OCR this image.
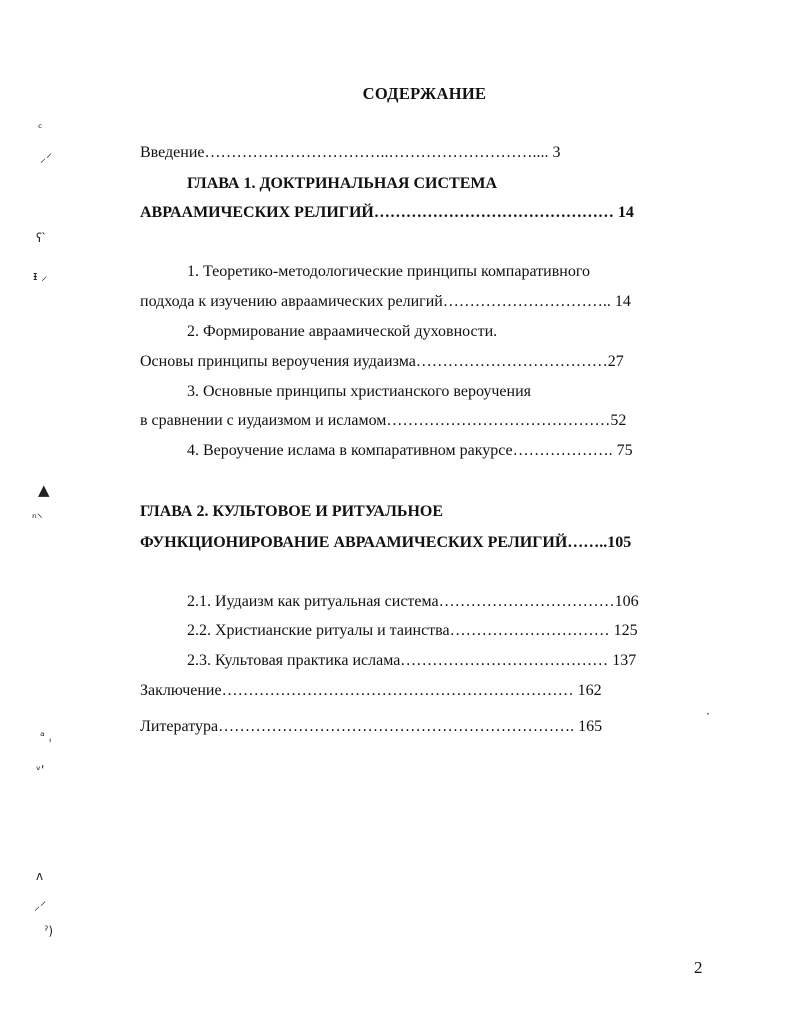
ᶜ
⸝⸍
ʕ՝
ᵻ ⸝
▲
ⁿ⸌
ᵃ ˌ
ᵛ'
ᴧ
⸝⸍
ˀ)
·
СОДЕРЖАНИЕ
Введение……………………………..……………………….... 3
ГЛАВА 1. ДОКТРИНАЛЬНАЯ СИСТЕМА
АВРААМИЧЕСКИХ РЕЛИГИЙ……………………………………… 14
1. Теоретико-методологические принципы компаративного
подхода к изучению авраамических религий………………………….. 14
2. Формирование авраамической духовности.
Основы принципы вероучения иудаизма………………………………27
3. Основные принципы христианского вероучения
в сравнении с иудаизмом и исламом……………………………………52
4. Вероучение ислама в компаративном ракурсе………………. 75
ГЛАВА 2. КУЛЬТОВОЕ И РИТУАЛЬНОЕ
ФУНКЦИОНИРОВАНИЕ АВРААМИЧЕСКИХ РЕЛИГИЙ……..105
2.1. Иудаизм как ритуальная система……………………………106
2.2. Христианские ритуалы и таинства………………………… 125
2.3. Культовая практика ислама………………………………… 137
Заключение………………………………………………………… 162
Литература…………………………………………………………. 165
2
